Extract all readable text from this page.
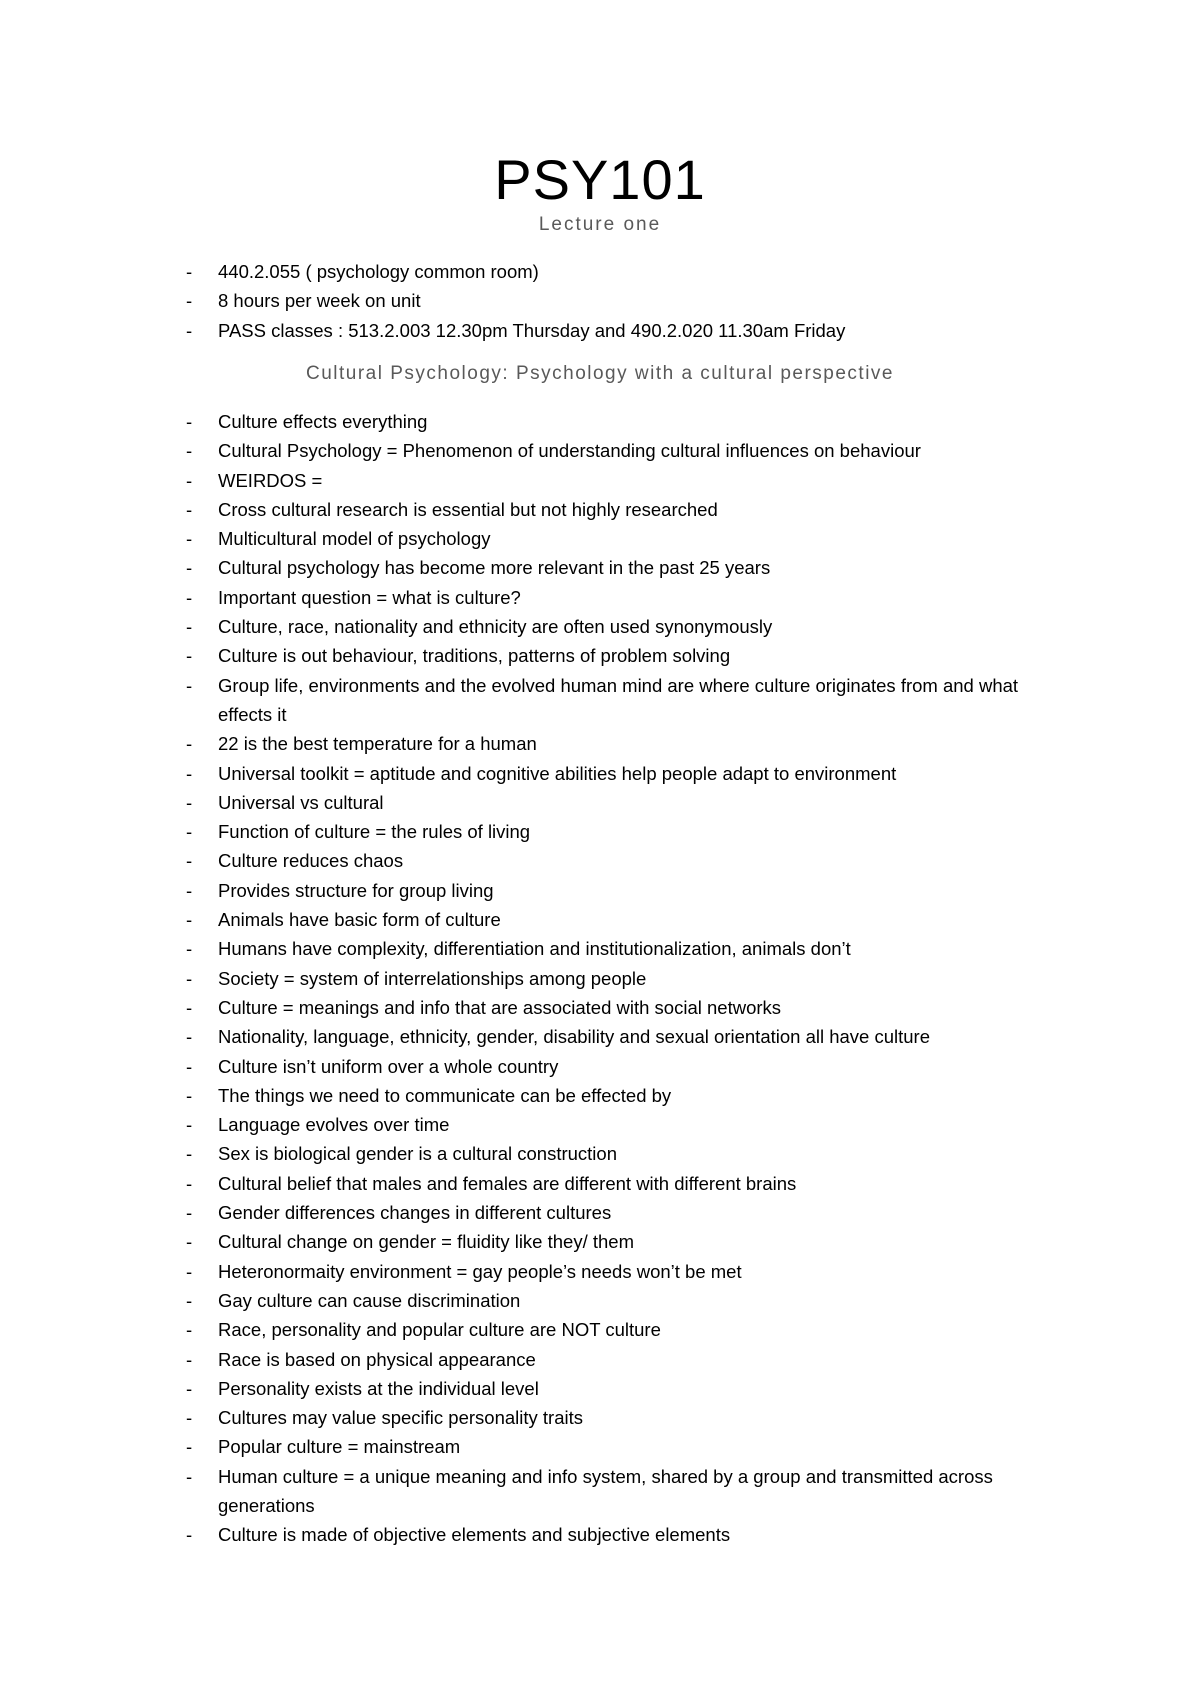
PSY101
Lecture one
-	440.2.055 ( psychology common room)
-	8 hours per week on unit
-	PASS classes : 513.2.003 12.30pm Thursday and 490.2.020 11.30am Friday
Cultural Psychology: Psychology with a cultural perspective
-	Culture effects everything
-	Cultural Psychology = Phenomenon of understanding cultural influences on behaviour
-	WEIRDOS =
-	Cross cultural research is essential but not highly researched
-	Multicultural model of psychology
-	Cultural psychology has become more relevant in the past 25 years
-	Important question = what is culture?
-	Culture, race, nationality and ethnicity are often used synonymously
-	Culture is out behaviour, traditions, patterns of problem solving
-	Group life, environments and the evolved human mind are where culture originates from and what effects it
-	22 is the best temperature for a human
-	Universal toolkit = aptitude and cognitive abilities help people adapt to environment
-	Universal vs cultural
-	Function of culture = the rules of living
-	Culture reduces chaos
-	Provides structure for group living
-	Animals have basic form of culture
-	Humans have complexity, differentiation and institutionalization, animals don’t
-	Society = system of interrelationships among people
-	Culture = meanings and info that are associated with social networks
-	Nationality, language, ethnicity, gender, disability and sexual orientation all have culture
-	Culture isn’t uniform over a whole country
-	The things we need to communicate can be effected by
-	Language evolves over time
-	Sex is biological gender is a cultural construction
-	Cultural belief that males and females are different with different brains
-	Gender differences changes in different cultures
-	Cultural change on gender = fluidity like they/ them
-	Heteronormaity environment = gay people’s needs won’t be met
-	Gay culture can cause discrimination
-	Race, personality and popular culture are NOT culture
-	Race is based on physical appearance
-	Personality exists at the individual level
-	Cultures may value specific personality traits
-	Popular culture = mainstream
-	Human culture = a unique meaning and info system, shared by a group and transmitted across generations
-	Culture is made of objective elements and subjective elements
